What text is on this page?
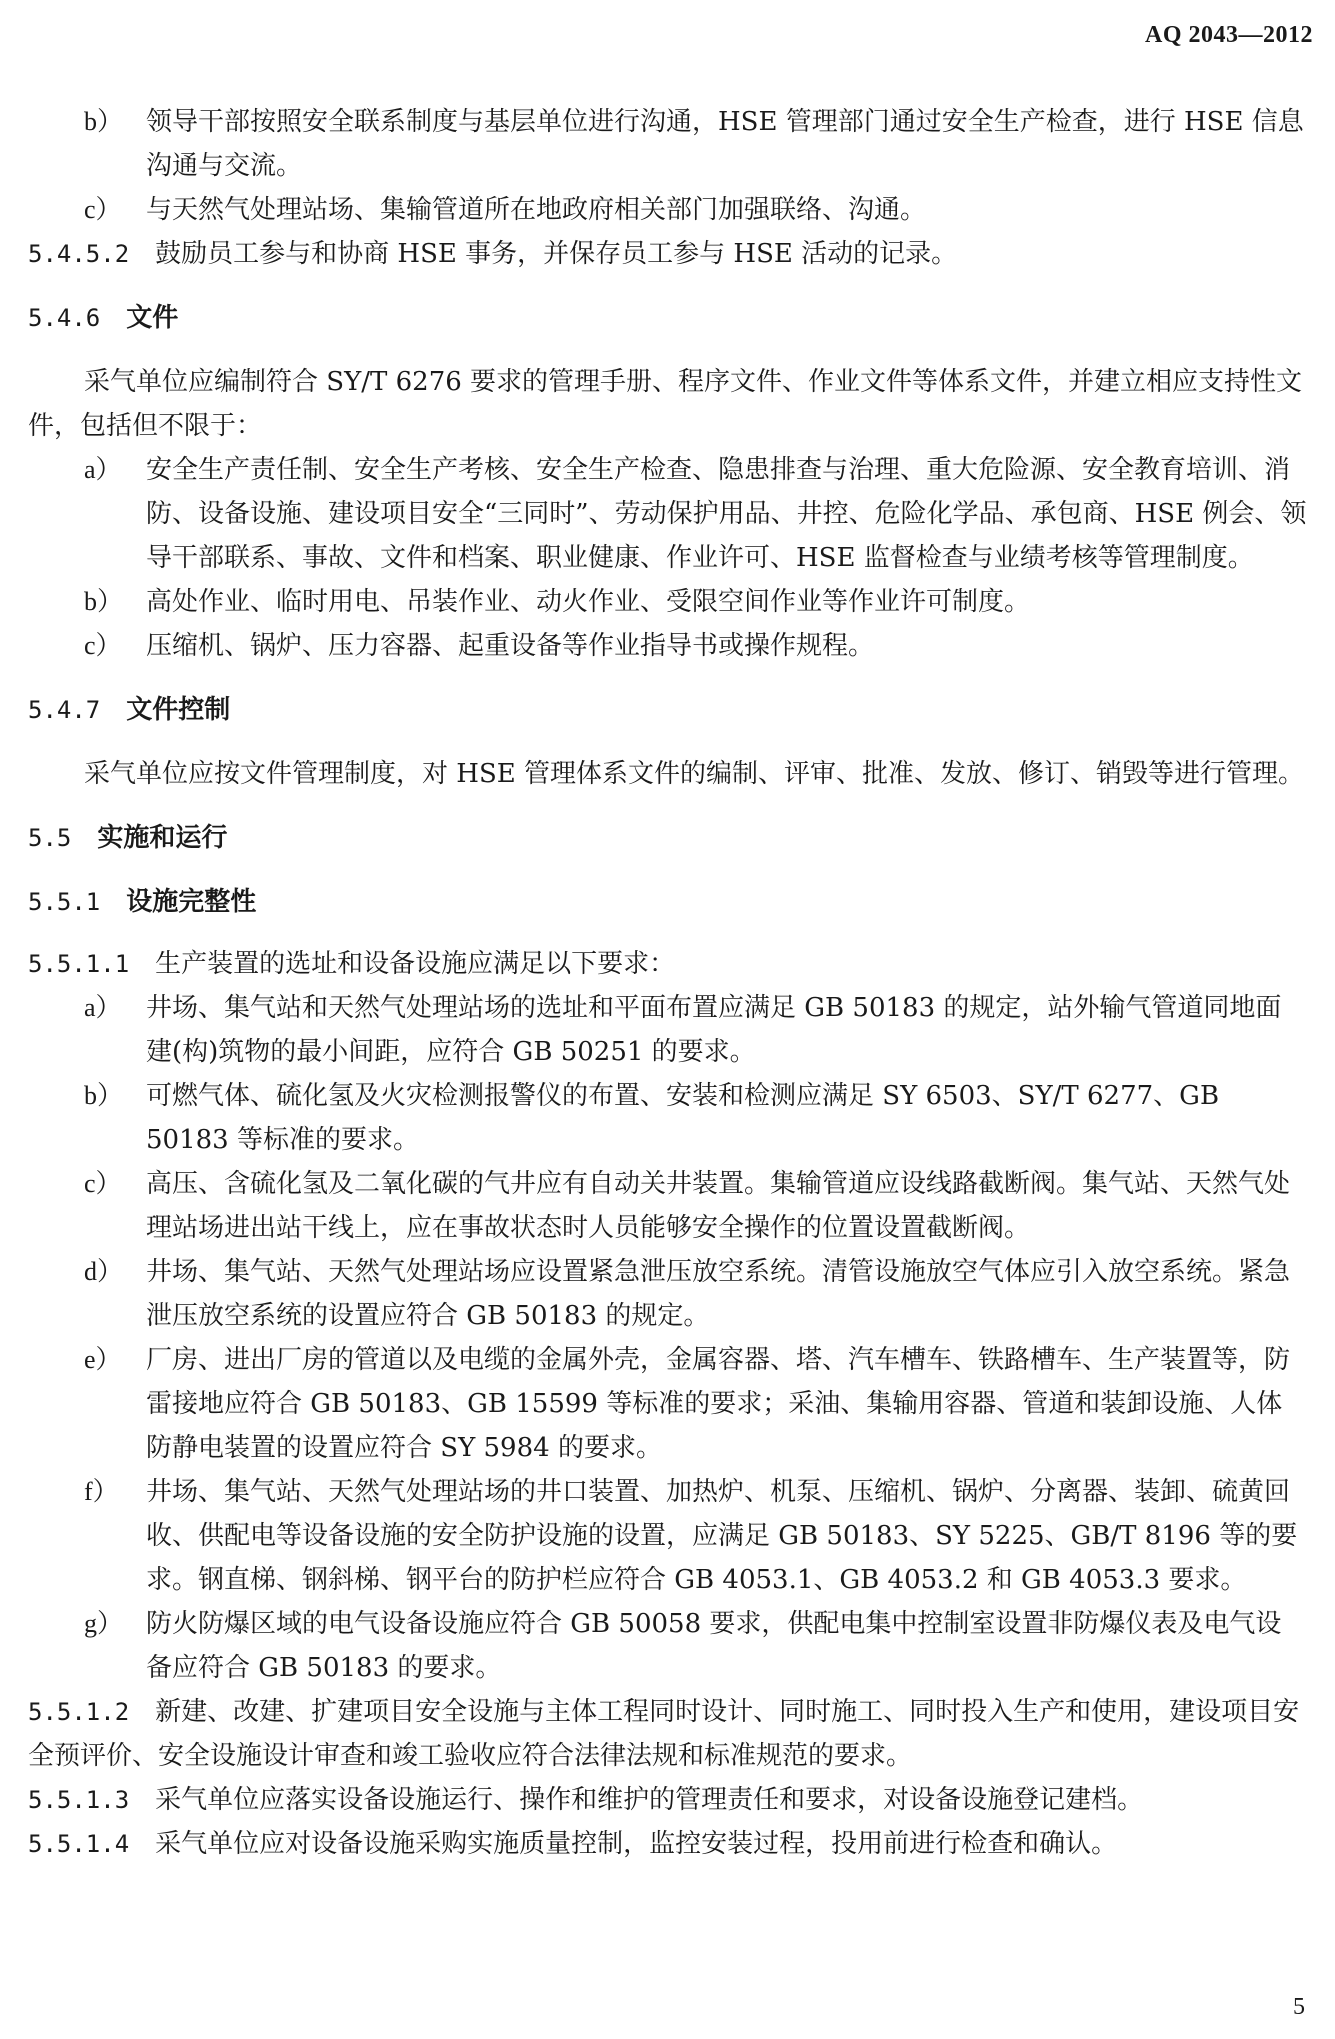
AQ 2043—2012
b） 领导干部按照安全联系制度与基层单位进行沟通，HSE 管理部门通过安全生产检查，进行 HSE 信息沟通与交流。
c） 与天然气处理站场、集输管道所在地政府相关部门加强联络、沟通。
5.4.5.2 鼓励员工参与和协商 HSE 事务，并保存员工参与 HSE 活动的记录。
5.4.6 文件
采气单位应编制符合 SY/T 6276 要求的管理手册、程序文件、作业文件等体系文件，并建立相应支持性文件，包括但不限于：
a） 安全生产责任制、安全生产考核、安全生产检查、隐患排查与治理、重大危险源、安全教育培训、消防、设备设施、建设项目安全“三同时”、劳动保护用品、井控、危险化学品、承包商、HSE 例会、领导干部联系、事故、文件和档案、职业健康、作业许可、HSE 监督检查与业绩考核等管理制度。
b） 高处作业、临时用电、吊装作业、动火作业、受限空间作业等作业许可制度。
c） 压缩机、锅炉、压力容器、起重设备等作业指导书或操作规程。
5.4.7 文件控制
采气单位应按文件管理制度，对 HSE 管理体系文件的编制、评审、批准、发放、修订、销毁等进行管理。
5.5 实施和运行
5.5.1 设施完整性
5.5.1.1 生产装置的选址和设备设施应满足以下要求：
a） 井场、集气站和天然气处理站场的选址和平面布置应满足 GB 50183 的规定，站外输气管道同地面建(构)筑物的最小间距，应符合 GB 50251 的要求。
b） 可燃气体、硫化氢及火灾检测报警仪的布置、安装和检测应满足 SY 6503、SY/T 6277、GB 50183 等标准的要求。
c） 高压、含硫化氢及二氧化碳的气井应有自动关井装置。集输管道应设线路截断阀。集气站、天然气处理站场进出站干线上，应在事故状态时人员能够安全操作的位置设置截断阀。
d） 井场、集气站、天然气处理站场应设置紧急泄压放空系统。清管设施放空气体应引入放空系统。紧急泄压放空系统的设置应符合 GB 50183 的规定。
e） 厂房、进出厂房的管道以及电缆的金属外壳，金属容器、塔、汽车槽车、铁路槽车、生产装置等，防雷接地应符合 GB 50183、GB 15599 等标准的要求；采油、集输用容器、管道和装卸设施、人体防静电装置的设置应符合 SY 5984 的要求。
f） 井场、集气站、天然气处理站场的井口装置、加热炉、机泵、压缩机、锅炉、分离器、装卸、硫黄回收、供配电等设备设施的安全防护设施的设置，应满足 GB 50183、SY 5225、GB/T 8196 等的要求。钢直梯、钢斜梯、钢平台的防护栏应符合 GB 4053.1、GB 4053.2 和 GB 4053.3 要求。
g） 防火防爆区域的电气设备设施应符合 GB 50058 要求，供配电集中控制室设置非防爆仪表及电气设备应符合 GB 50183 的要求。
5.5.1.2 新建、改建、扩建项目安全设施与主体工程同时设计、同时施工、同时投入生产和使用，建设项目安全预评价、安全设施设计审查和竣工验收应符合法律法规和标准规范的要求。
5.5.1.3 采气单位应落实设备设施运行、操作和维护的管理责任和要求，对设备设施登记建档。
5.5.1.4 采气单位应对设备设施采购实施质量控制，监控安装过程，投用前进行检查和确认。
5
